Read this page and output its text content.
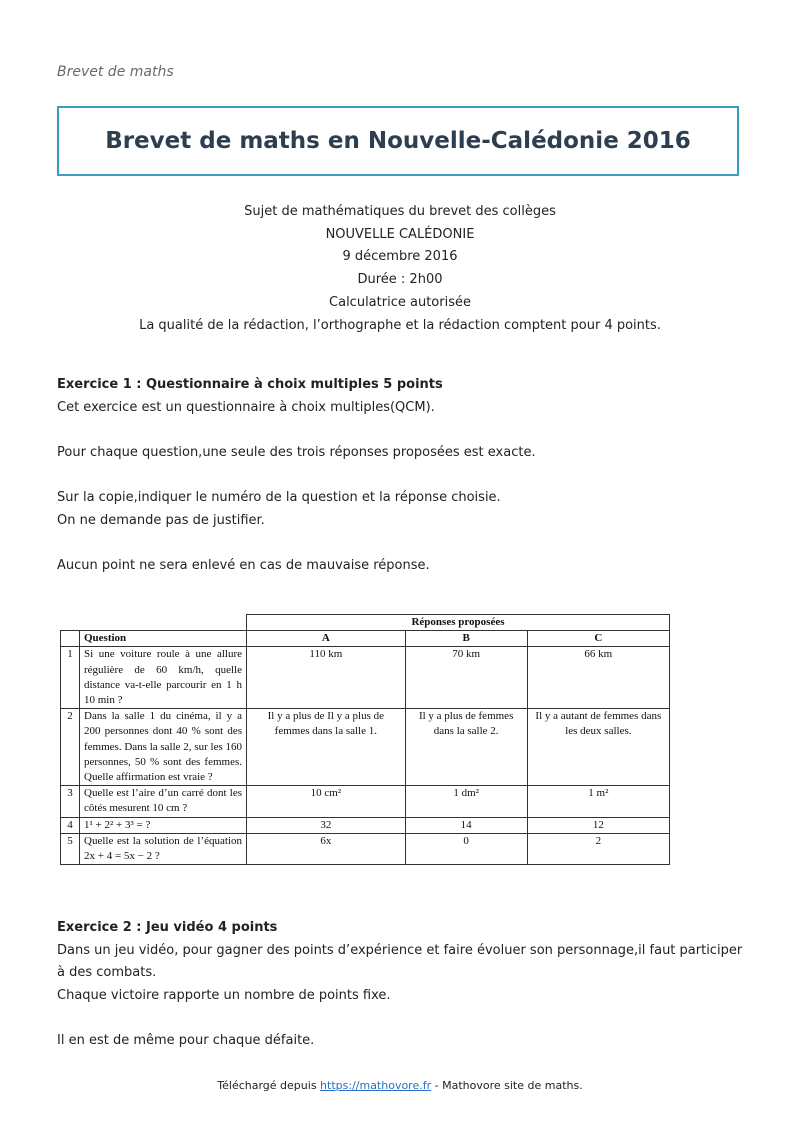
Brevet de maths
Brevet de maths en Nouvelle-Calédonie 2016
Sujet de mathématiques du brevet des collèges
NOUVELLE CALÉDONIE
9 décembre 2016
Durée : 2h00
Calculatrice autorisée
La qualité de la rédaction, l’orthographe et la rédaction comptent pour 4 points.

Exercice 1 : Questionnaire à choix multiples 5 points

Cet exercice est un questionnaire à choix multiples(QCM).

Pour chaque question,une seule des trois réponses proposées est exacte.

Sur la copie,indiquer le numéro de la question et la réponse choisie.

On ne demande pas de justifier.

Aucun point ne sera enlevé en cas de mauvaise réponse.

		Réponses proposées		
	Question	A	B	C
1	Si une voiture roule à une allure régulière de 60 km/h, quelle distance va-t-elle parcourir en 1 h 10 min ?	110 km	70 km	66 km
2	Dans la salle 1 du cinéma, il y a 200 personnes dont 40 % sont des femmes. Dans la salle 2, sur les 160 personnes, 50 % sont des femmes. Quelle affirmation est vraie ?	Il y a plus de Il y a plus de femmes dans la salle 1.	Il y a plus de femmes dans la salle 2.	Il y a autant de femmes dans les deux salles.
3	Quelle est l’aire d’un carré dont les côtés mesurent 10 cm ?	10 cm²	1 dm²	1 m²
4	1¹ + 2² + 3³ = ?	32	14	12
5	Quelle est la solution de l’équation 2x + 4 = 5x − 2 ?	6x	0	2

Exercice 2 : Jeu vidéo 4 points

Dans un jeu vidéo, pour gagner des points d’expérience et faire évoluer son personnage,il faut participer à des combats.

Chaque victoire rapporte un nombre de points fixe.

Il en est de même pour chaque défaite.

Téléchargé depuis https://mathovore.fr - Mathovore site de maths.
